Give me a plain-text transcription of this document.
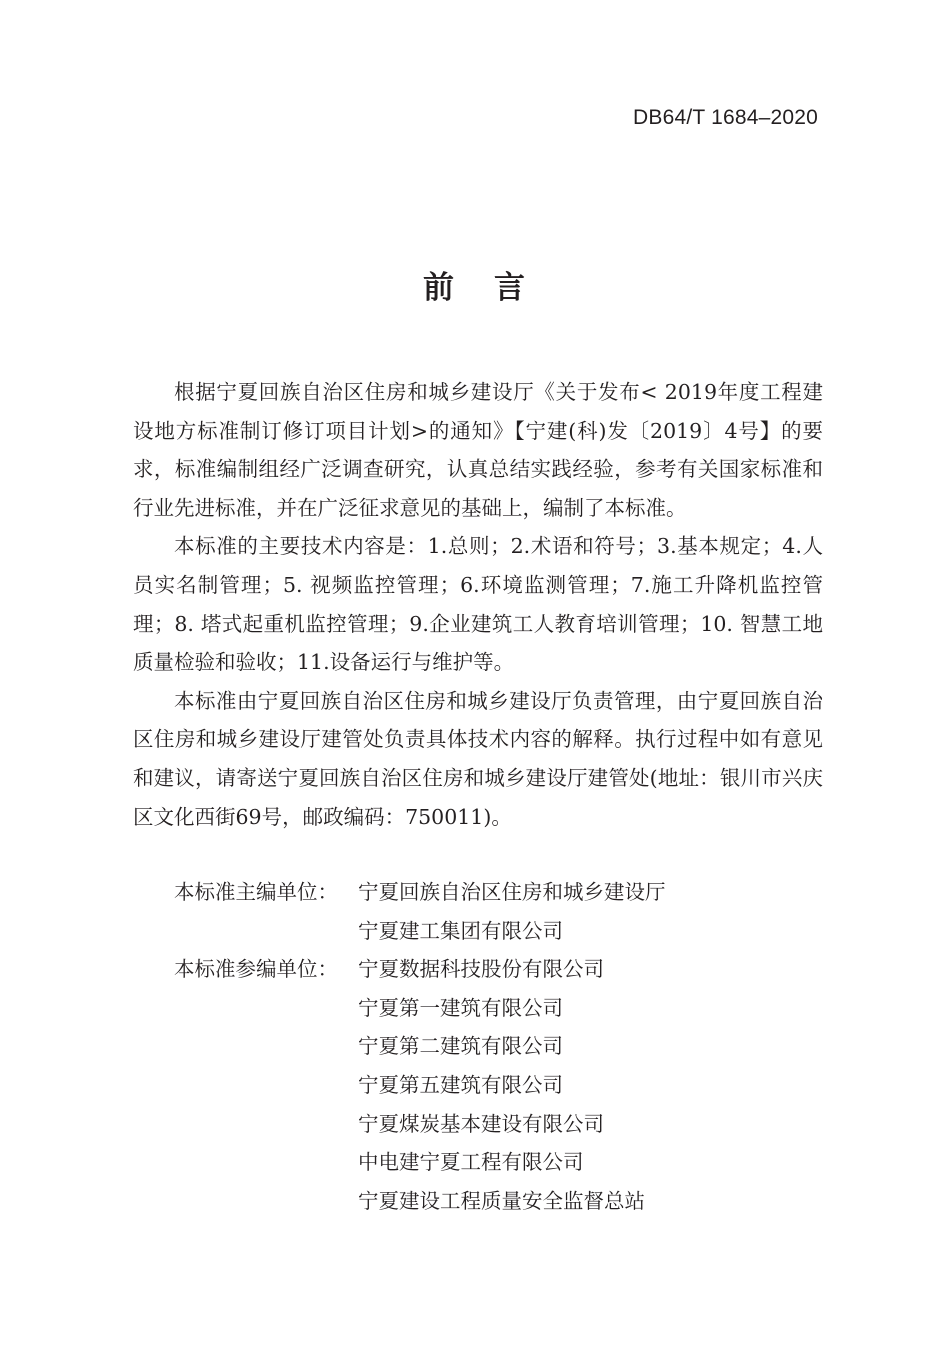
DB64/T 1684–2020
前 言

根据宁夏回族自治区住房和城乡建设厅《关于发布< 2019年度工程建设地方标准制订修订项目计划>的通知》【宁建(科)发〔2019〕4号】的要求，标准编制组经广泛调查研究，认真总结实践经验，参考有关国家标准和行业先进标准，并在广泛征求意见的基础上，编制了本标准。

本标准的主要技术内容是：1.总则；2.术语和符号；3.基本规定；4.人员实名制管理；5. 视频监控管理；6.环境监测管理；7.施工升降机监控管理；8. 塔式起重机监控管理；9.企业建筑工人教育培训管理；10. 智慧工地质量检验和验收；11.设备运行与维护等。

本标准由宁夏回族自治区住房和城乡建设厅负责管理，由宁夏回族自治区住房和城乡建设厅建管处负责具体技术内容的解释。执行过程中如有意见和建议，请寄送宁夏回族自治区住房和城乡建设厅建管处(地址：银川市兴庆区文化西街69号，邮政编码：750011)。

本标准主编单位： 宁夏回族自治区住房和城乡建设厅
宁夏建工集团有限公司
本标准参编单位： 宁夏数据科技股份有限公司
宁夏第一建筑有限公司
宁夏第二建筑有限公司
宁夏第五建筑有限公司
宁夏煤炭基本建设有限公司
中电建宁夏工程有限公司
宁夏建设工程质量安全监督总站
